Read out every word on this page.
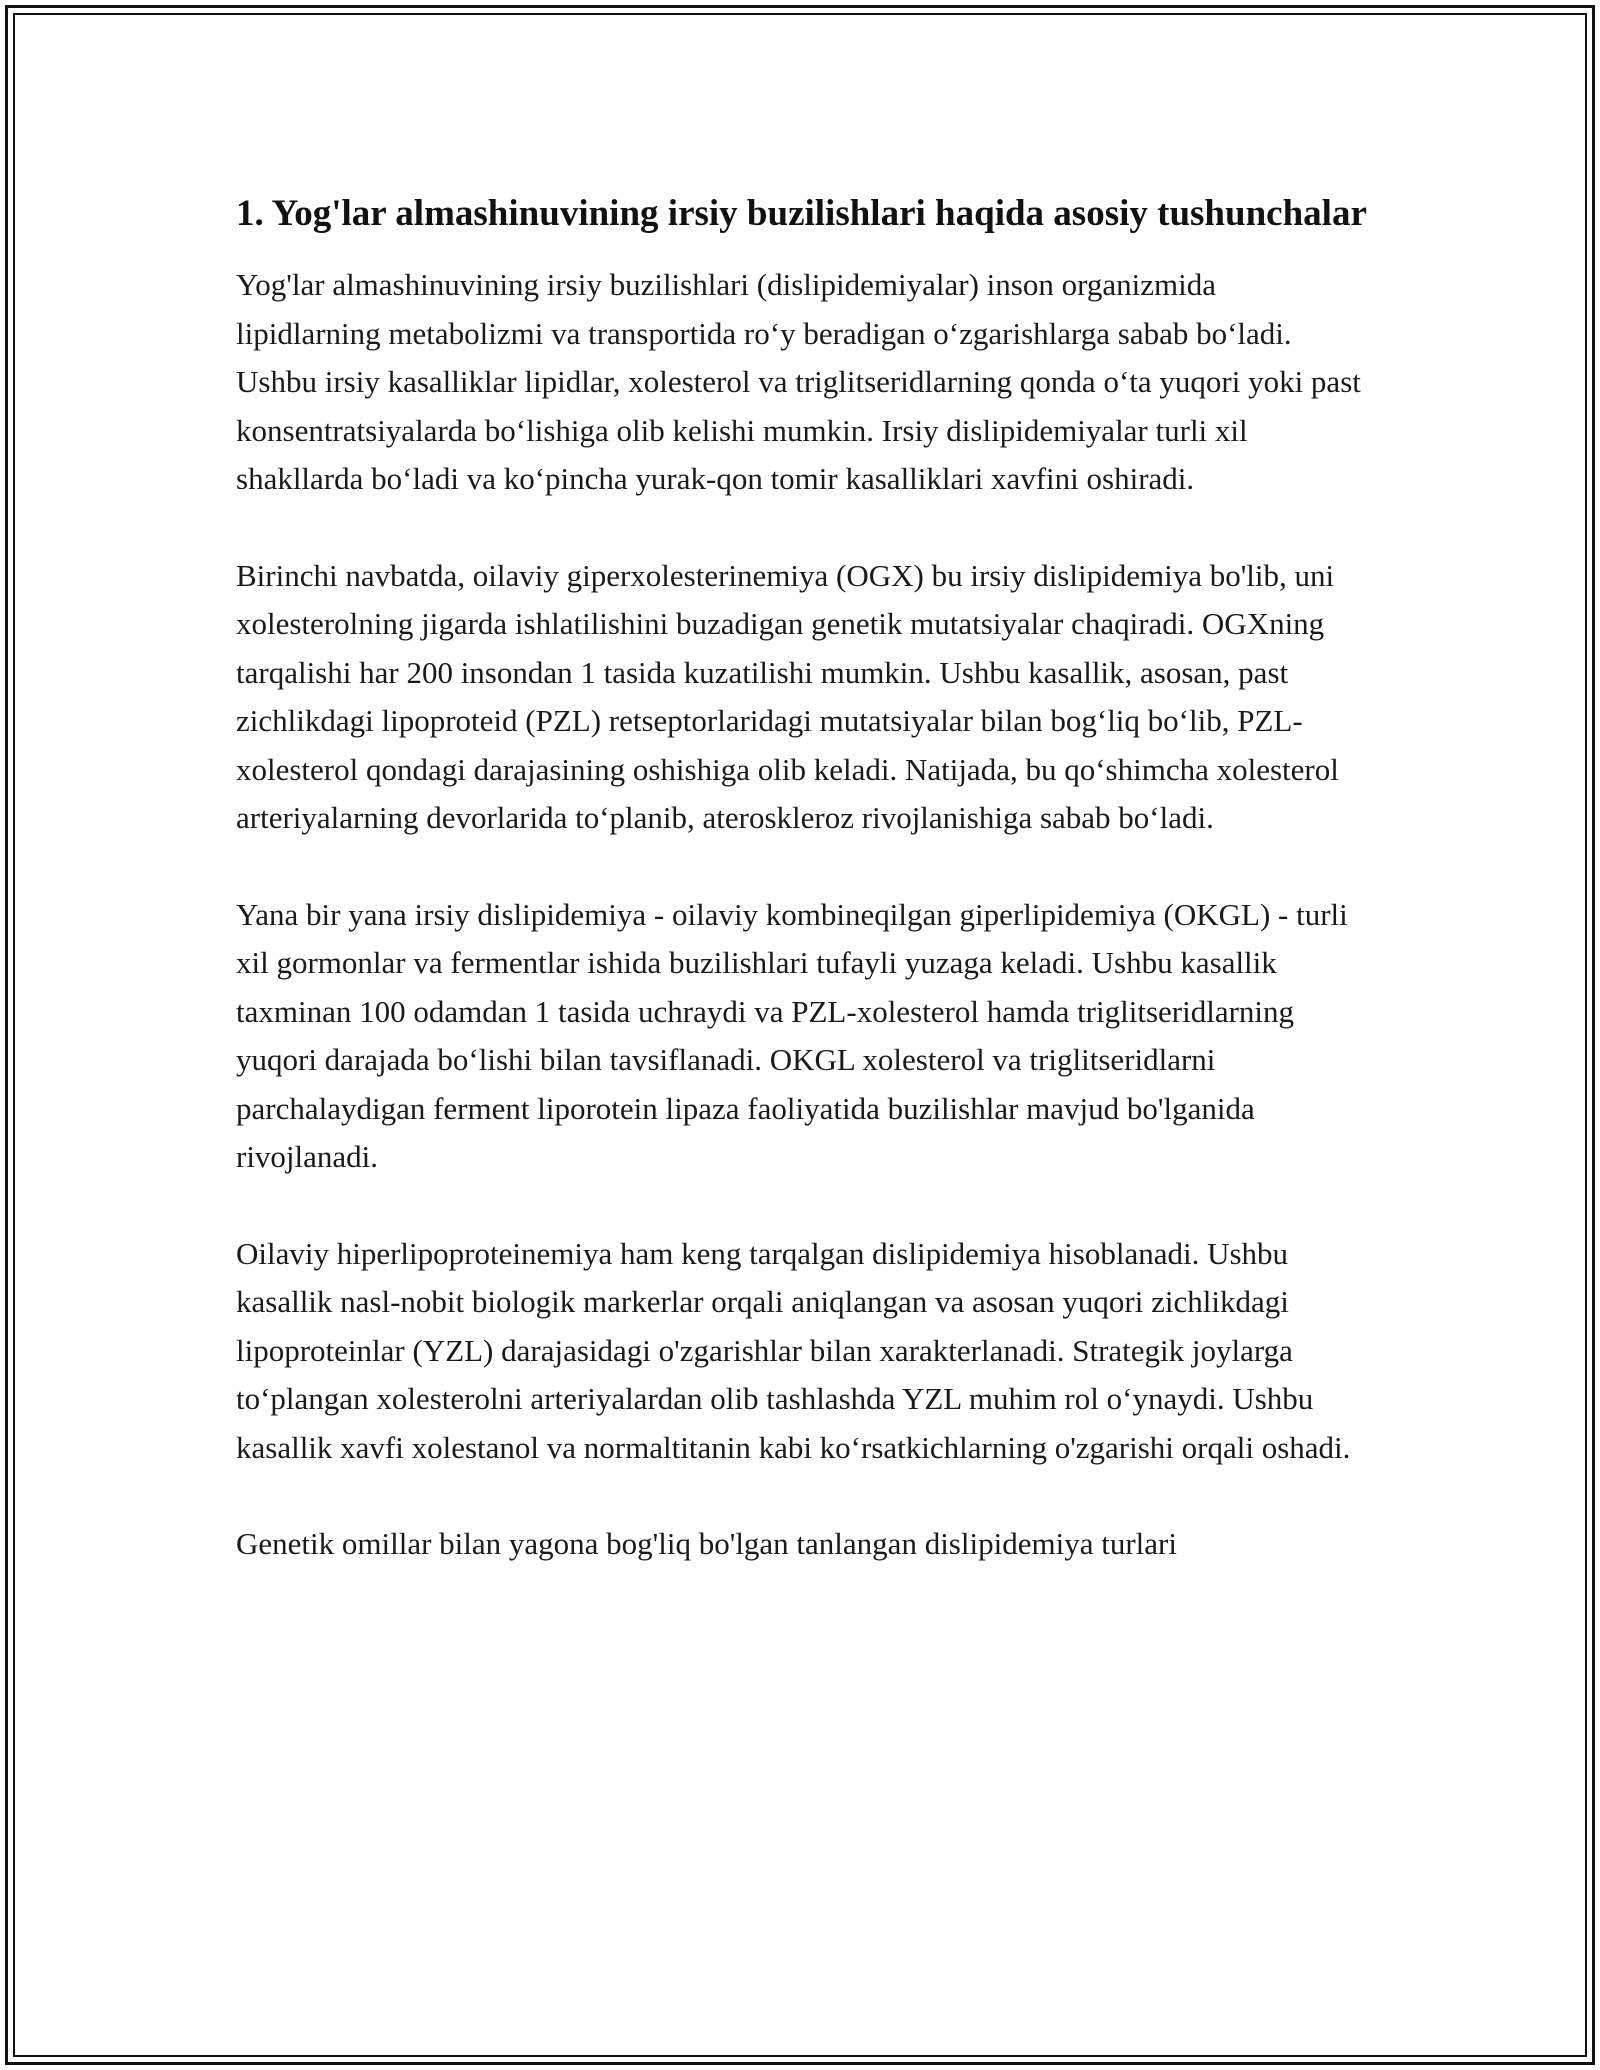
1. Yog'lar almashinuvining irsiy buzilishlari haqida asosiy tushunchalar

Yog'lar almashinuvining irsiy buzilishlari (dislipidemiyalar) inson organizmida lipidlarning metabolizmi va transportida ro‘y beradigan o‘zgarishlarga sabab bo‘ladi. Ushbu irsiy kasalliklar lipidlar, xolesterol va triglitseridlarning qonda o‘ta yuqori yoki past konsentratsiyalarda bo‘lishiga olib kelishi mumkin. Irsiy dislipidemiyalar turli xil shakllarda bo‘ladi va ko‘pincha yurak-qon tomir kasalliklari xavfini oshiradi.

Birinchi navbatda, oilaviy giperxolesterinemiya (OGX) bu irsiy dislipidemiya bo'lib, uni xolesterolning jigarda ishlatilishini buzadigan genetik mutatsiyalar chaqiradi. OGXning tarqalishi har 200 insondan 1 tasida kuzatilishi mumkin. Ushbu kasallik, asosan, past zichlikdagi lipoproteid (PZL) retseptorlaridagi mutatsiyalar bilan bog‘liq bo‘lib, PZL-xolesterol qondagi darajasining oshishiga olib keladi. Natijada, bu qo‘shimcha xolesterol arteriyalarning devorlarida to‘planib, ateroskleroz rivojlanishiga sabab bo‘ladi.

Yana bir yana irsiy dislipidemiya - oilaviy kombineqilgan giperlipidemiya (OKGL) - turli xil gormonlar va fermentlar ishida buzilishlari tufayli yuzaga keladi. Ushbu kasallik taxminan 100 odamdan 1 tasida uchraydi va PZL-xolesterol hamda triglitseridlarning yuqori darajada bo‘lishi bilan tavsiflanadi. OKGL xolesterol va triglitseridlarni parchalaydigan ferment liporotein lipaza faoliyatida buzilishlar mavjud bo'lganida rivojlanadi.

Oilaviy hiperlipoproteinemiya ham keng tarqalgan dislipidemiya hisoblanadi. Ushbu kasallik nasl-nobit biologik markerlar orqali aniqlangan va asosan yuqori zichlikdagi lipoproteinlar (YZL) darajasidagi o'zgarishlar bilan xarakterlanadi. Strategik joylarga to‘plangan xolesterolni arteriyalardan olib tashlashda YZL muhim rol o‘ynaydi. Ushbu kasallik xavfi xolestanol va normaltitanin kabi ko‘rsatkichlarning o'zgarishi orqali oshadi.

Genetik omillar bilan yagona bog'liq bo'lgan tanlangan dislipidemiya turlari
